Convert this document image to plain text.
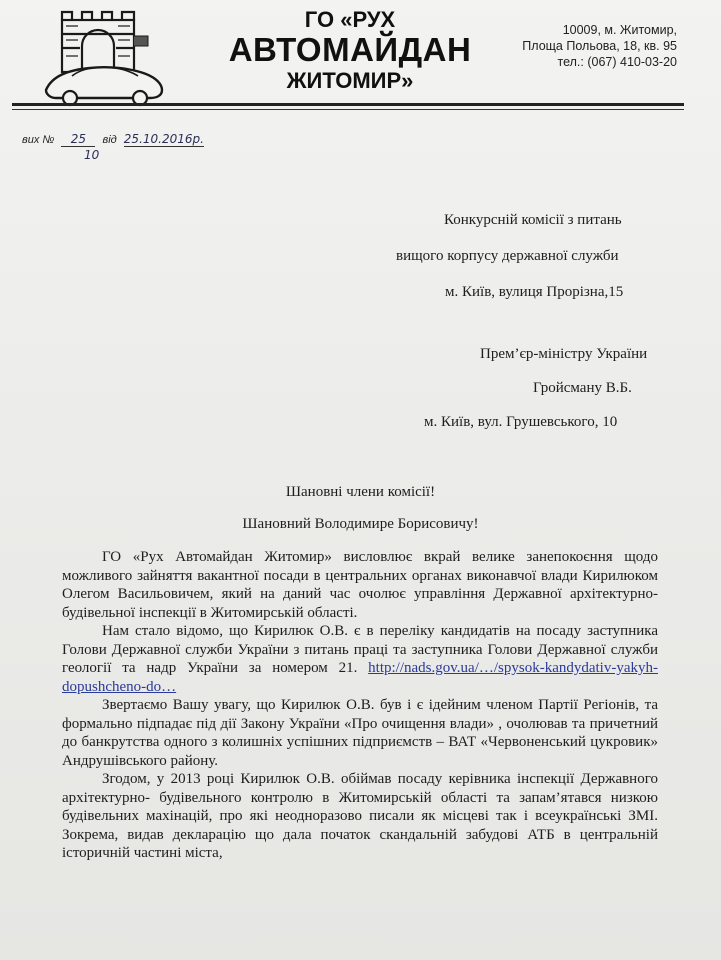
ГО «РУХ
АВТОМАЙДАН
ЖИТОМИР»
10009, м. Житомир,
Площа Польова, 18, кв. 95
тел.: (067) 410-03-20
вих № 25
10
від 25.10.2016р.
Конкурсній комісії з питань
вищого корпусу державної служби
м. Київ, вулиця Прорізна,15
Прем’єр-міністру України
Гройсману В.Б.
м. Київ, вул. Грушевського, 10
Шановні члени комісії!
Шановний Володимире Борисовичу!

ГО «Рух Автомайдан Житомир» висловлює вкрай велике занепокоєння щодо можливого зайняття вакантної посади в центральних органах виконавчої влади Кирилюком Олегом Васильовичем, який на даний час очолює управління Державної архітектурно-будівельної інспекції в Житомирській області.

Нам стало відомо, що Кирилюк О.В. є в переліку кандидатів на посаду заступника Голови Державної служби України з питань праці та заступника Голови Державної служби геології та надр України за номером 21. http://nads.gov.ua/…/spysok-kandydativ-yakyh-dopushcheno-do…

Звертаємо Вашу увагу, що Кирилюк О.В. був і є ідейним членом Партії Регіонів, та формально підпадає під дії Закону України «Про очищення влади» , очолював та причетний до банкрутства одного з колишніх успішних підприємств – ВАТ «Червоненський цукровик» Андрушівського району.

Згодом, у 2013 році Кирилюк О.В. обіймав посаду керівника інспекції Державного архітектурно- будівельного контролю в Житомирській області та запам’ятався низкою будівельних махінацій, про які неодноразово писали як місцеві так і всеукраїнські ЗМІ. Зокрема, видав декларацію що дала початок скандальній забудові АТБ в центральній історичній частині міста,
